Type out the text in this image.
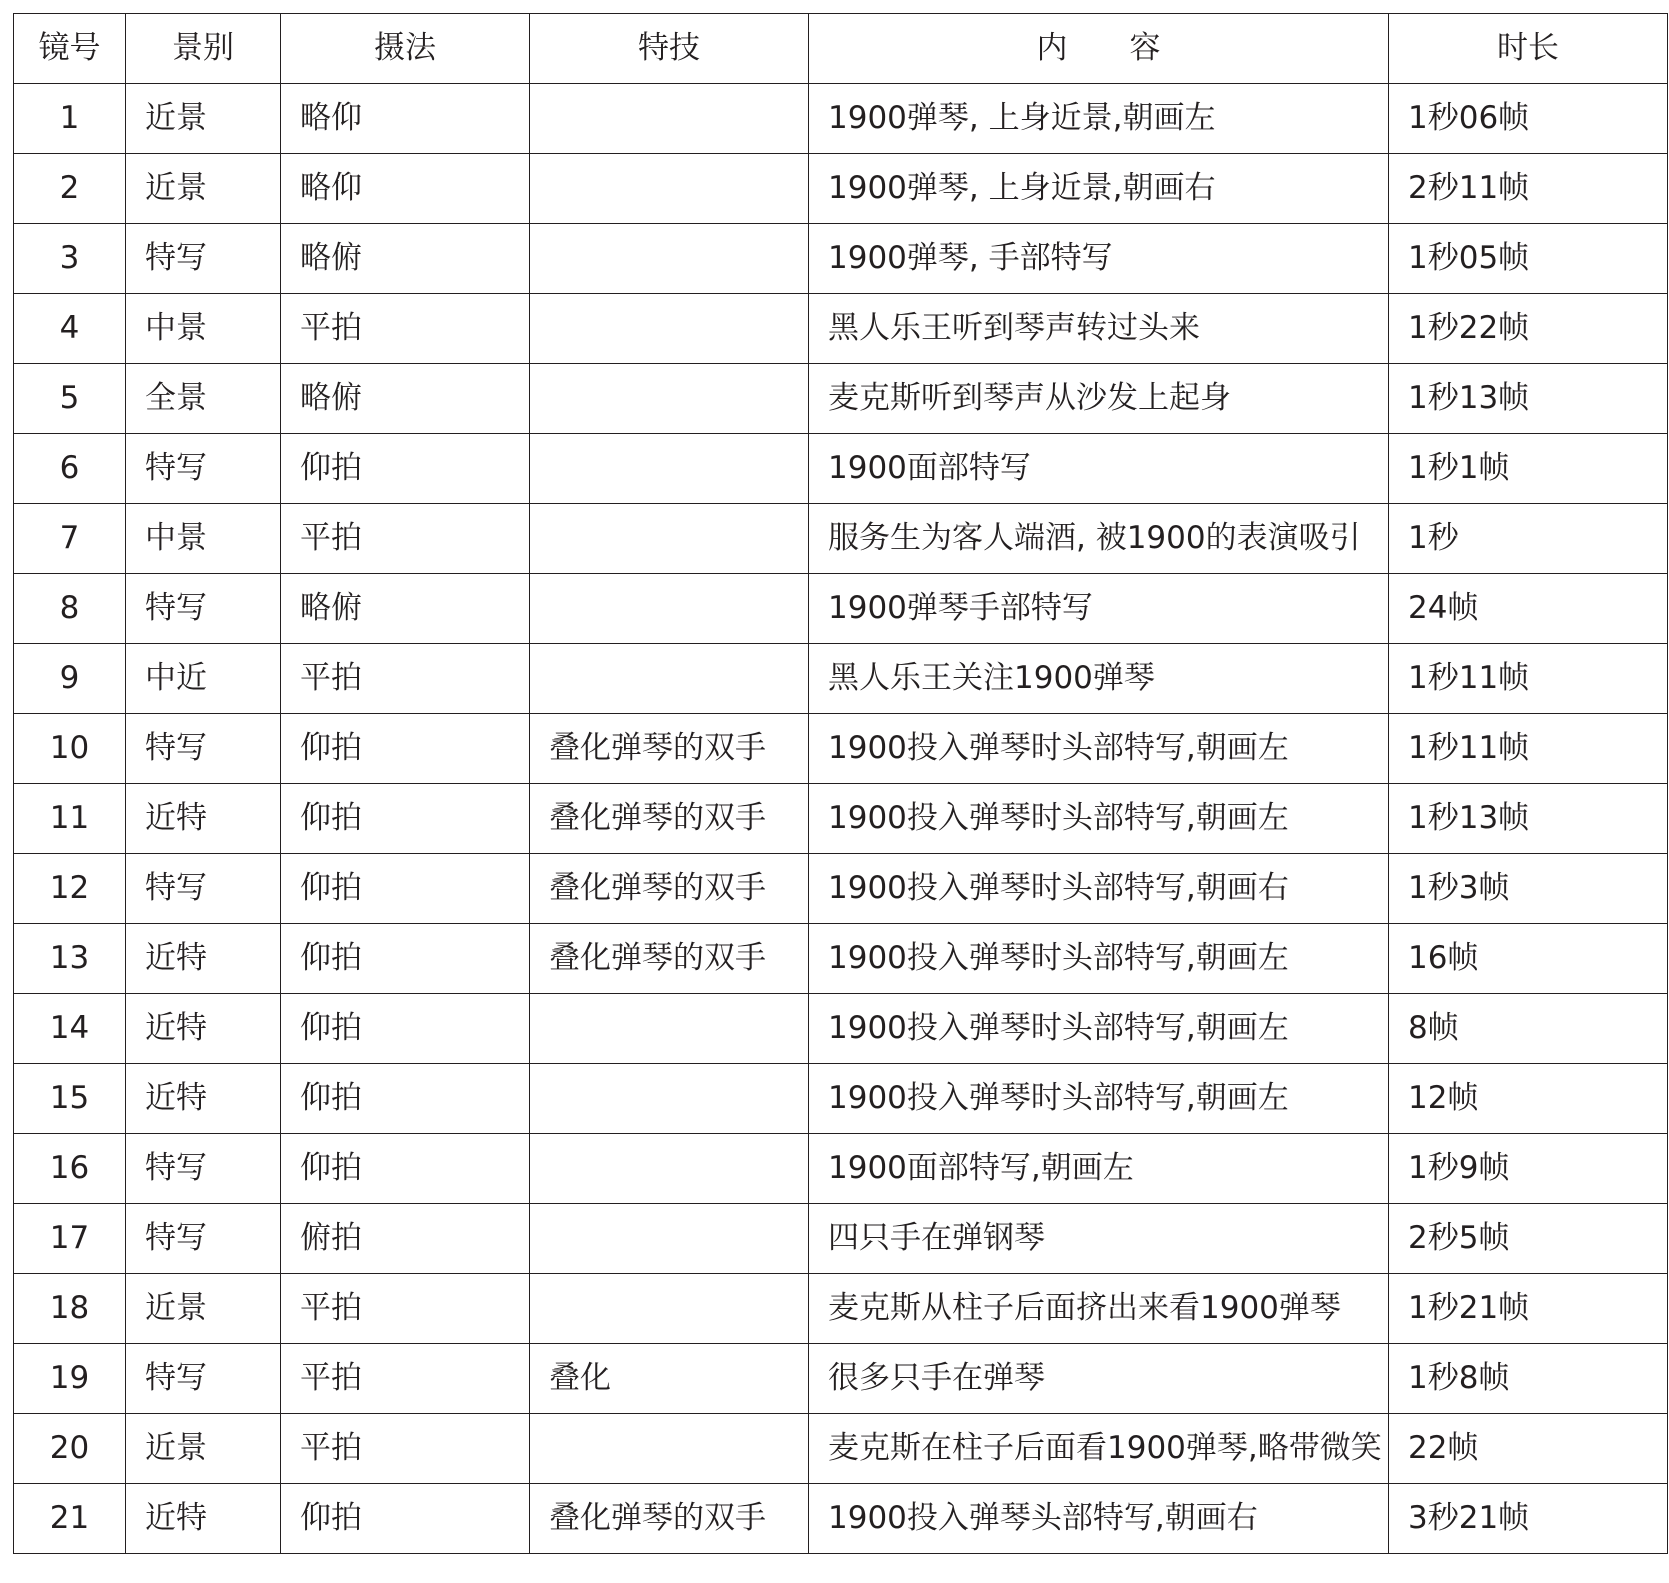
镜号	景别	摄法	特技	内　　容	时长
1	近景	略仰		1900弹琴, 上身近景,朝画左	1秒06帧
2	近景	略仰		1900弹琴, 上身近景,朝画右	2秒11帧
3	特写	略俯		1900弹琴, 手部特写	1秒05帧
4	中景	平拍		黑人乐王听到琴声转过头来	1秒22帧
5	全景	略俯		麦克斯听到琴声从沙发上起身	1秒13帧
6	特写	仰拍		1900面部特写	1秒1帧
7	中景	平拍		服务生为客人端酒, 被1900的表演吸引	1秒
8	特写	略俯		1900弹琴手部特写	24帧
9	中近	平拍		黑人乐王关注1900弹琴	1秒11帧
10	特写	仰拍	叠化弹琴的双手	1900投入弹琴时头部特写,朝画左	1秒11帧
11	近特	仰拍	叠化弹琴的双手	1900投入弹琴时头部特写,朝画左	1秒13帧
12	特写	仰拍	叠化弹琴的双手	1900投入弹琴时头部特写,朝画右	1秒3帧
13	近特	仰拍	叠化弹琴的双手	1900投入弹琴时头部特写,朝画左	16帧
14	近特	仰拍		1900投入弹琴时头部特写,朝画左	8帧
15	近特	仰拍		1900投入弹琴时头部特写,朝画左	12帧
16	特写	仰拍		1900面部特写,朝画左	1秒9帧
17	特写	俯拍		四只手在弹钢琴	2秒5帧
18	近景	平拍		麦克斯从柱子后面挤出来看1900弹琴	1秒21帧
19	特写	平拍	叠化	很多只手在弹琴	1秒8帧
20	近景	平拍		麦克斯在柱子后面看1900弹琴,略带微笑	22帧
21	近特	仰拍	叠化弹琴的双手	1900投入弹琴头部特写,朝画右	3秒21帧
